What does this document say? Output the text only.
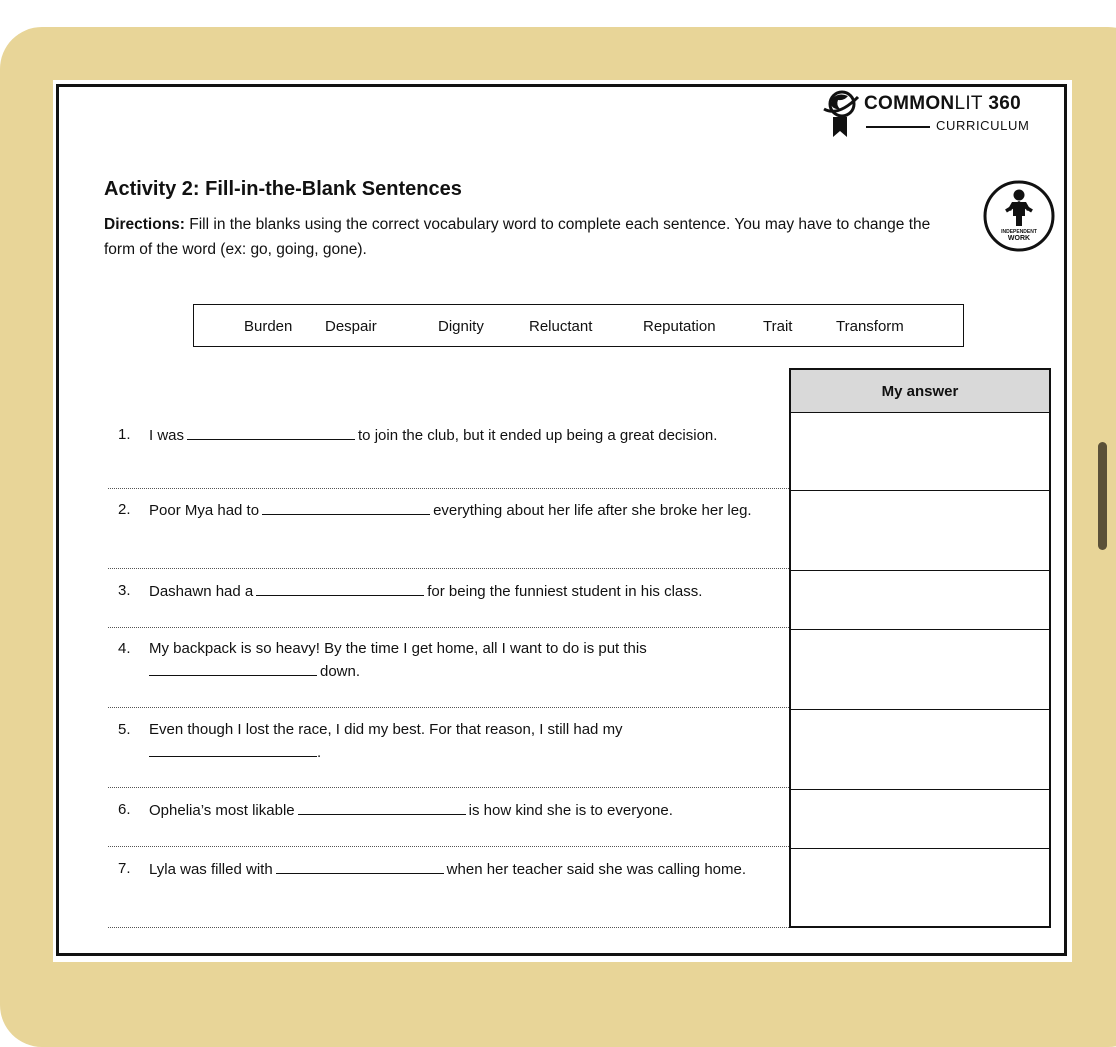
COMMONLIT 360
CURRICULUM
INDEPENDENT
WORK
Activity 2: Fill-in-the-Blank Sentences
Directions: Fill in the blanks using the correct vocabulary word to complete each sentence. You may have to change the form of the word (ex: go, going, gone).
Burden Despair	Dignity	Reluctant	Reputation	Trait	Transform
My answer
1. I was	to join the club, but it ended up being a great decision.
2. Poor Mya had to	everything about her life after she broke her leg.
3. Dashawn had a	for being the funniest student in his class.
4. My backpack is so heavy! By the time I get home, all I want to do is put this down.
5. Even though I lost the race, I did my best. For that reason, I still had my .
6. Ophelia’s most likable	is how kind she is to everyone.
7. Lyla was filled with	when her teacher said she was calling home.
